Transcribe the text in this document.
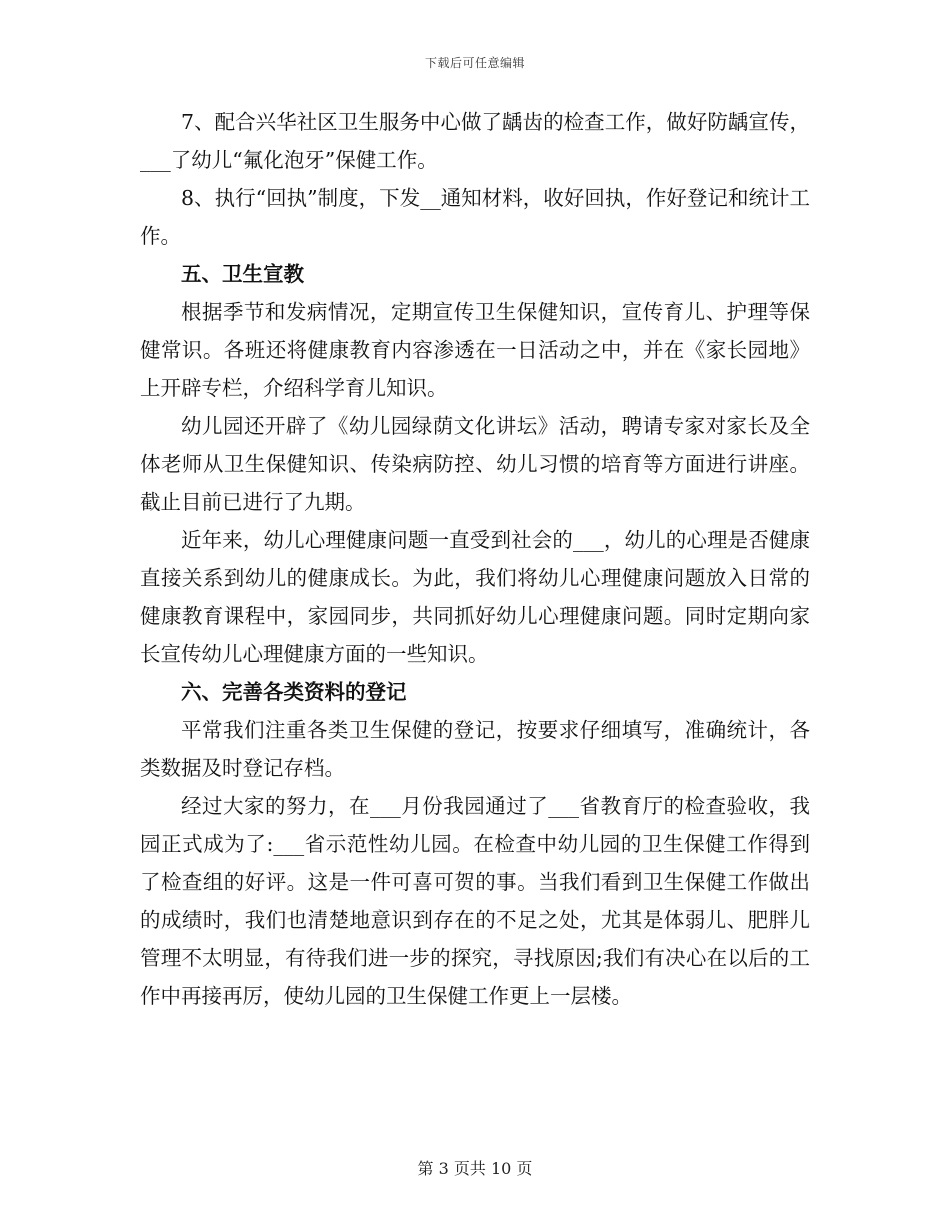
下载后可任意编辑

7、配合兴华社区卫生服务中心做了龋齿的检查工作，做好防龋宣传，___了幼儿“氟化泡牙”保健工作。

8、执行“回执”制度，下发__通知材料，收好回执，作好登记和统计工作。

五、卫生宣教

根据季节和发病情况，定期宣传卫生保健知识，宣传育儿、护理等保健常识。各班还将健康教育内容渗透在一日活动之中，并在《家长园地》上开辟专栏，介绍科学育儿知识。

幼儿园还开辟了《幼儿园绿荫文化讲坛》活动，聘请专家对家长及全体老师从卫生保健知识、传染病防控、幼儿习惯的培育等方面进行讲座。截止目前已进行了九期。

近年来，幼儿心理健康问题一直受到社会的___，幼儿的心理是否健康直接关系到幼儿的健康成长。为此，我们将幼儿心理健康问题放入日常的健康教育课程中，家园同步，共同抓好幼儿心理健康问题。同时定期向家长宣传幼儿心理健康方面的一些知识。

六、完善各类资料的登记

平常我们注重各类卫生保健的登记，按要求仔细填写，准确统计，各类数据及时登记存档。

经过大家的努力，在___月份我园通过了___省教育厅的检查验收，我园正式成为了:___省示范性幼儿园。在检查中幼儿园的卫生保健工作得到了检查组的好评。这是一件可喜可贺的事。当我们看到卫生保健工作做出的成绩时，我们也清楚地意识到存在的不足之处，尤其是体弱儿、肥胖儿管理不太明显，有待我们进一步的探究，寻找原因;我们有决心在以后的工作中再接再厉，使幼儿园的卫生保健工作更上一层楼。

第 3 页共 10 页
